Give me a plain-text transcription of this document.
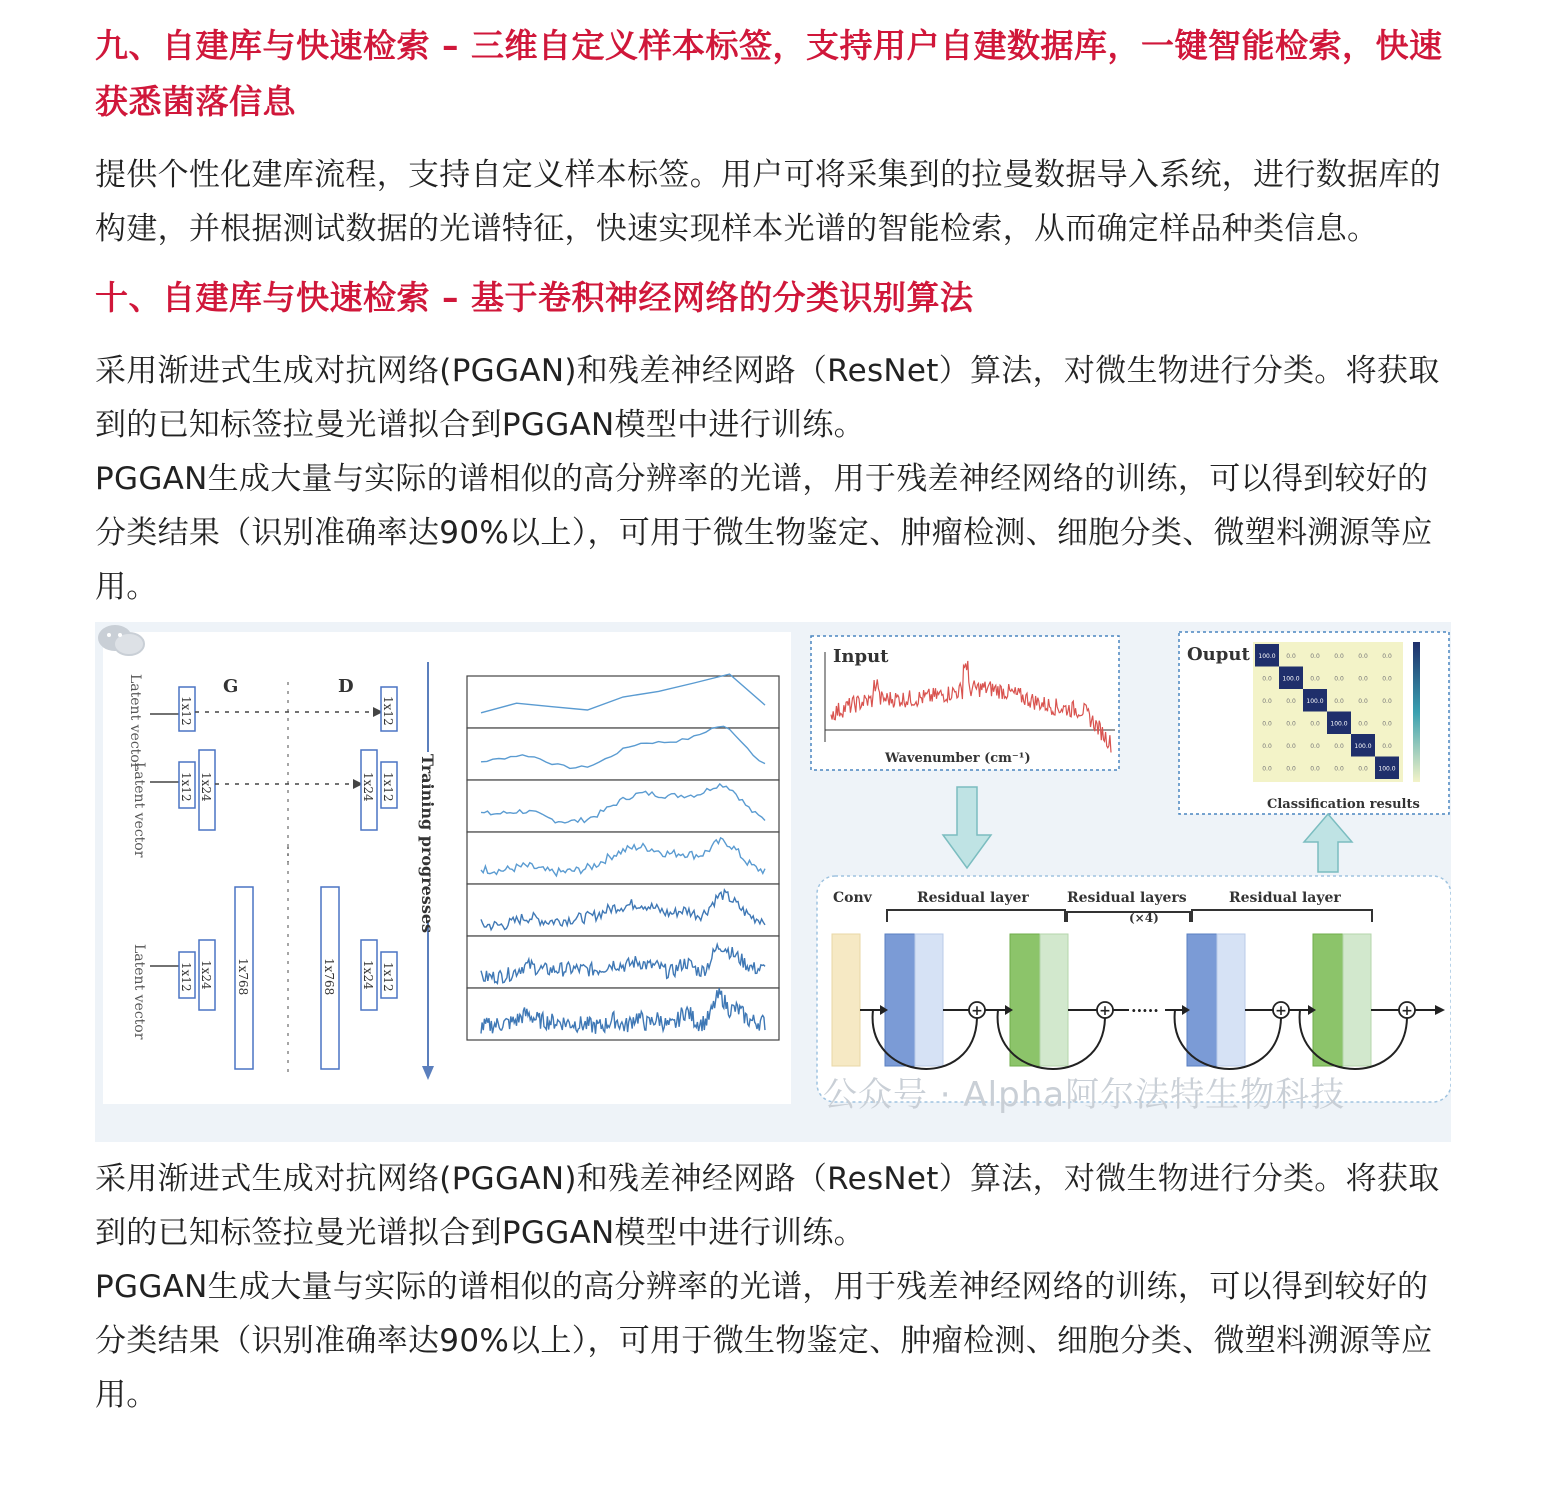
九、自建库与快速检索 – 三维自定义样本标签，支持用户自建数据库，一键智能检索，快速获悉菌落信息

提供个性化建库流程，支持自定义样本标签。用户可将采集到的拉曼数据导入系统，进行数据库的构建，并根据测试数据的光谱特征，快速实现样本光谱的智能检索，从而确定样品种类信息。

十、自建库与快速检索 – 基于卷积神经网络的分类识别算法

采用渐进式生成对抗网络(PGGAN)和残差神经网路（ResNet）算法，对微生物进行分类。将获取到的已知标签拉曼光谱拟合到PGGAN模型中进行训练。

PGGAN生成大量与实际的谱相似的高分辨率的光谱，用于残差神经网络的训练，可以得到较好的分类结果（识别准确率达90%以上），可用于微生物鉴定、肿瘤检测、细胞分类、微塑料溯源等应用。

G	D
Training progresses
Latent vector	1x12	1x12
Latent vector	1x12 1x24	1x24 1x12
Latent vector	1x12 1x24 1x768	1x768 1x24 1x12
Input
Wavenumber (cm⁻¹)
Ouput 100.0 0.0 0.0 0.0 0.0 0.0
0.0 100.0 0.0 0.0 0.0 0.0
0.0 0.0 100.0 0.0 0.0 0.0
0.0 0.0 0.0 100.0 0.0 0.0
0.0 0.0 0.0 0.0 100.0 0.0
0.0 0.0 0.0 0.0 0.0 100.0
Classification results
Conv	Residual layer	Residual layers
(×4)
Residual layer
·····
+	+	+	+
公众号 · Alpha阿尔法特生物科技

采用渐进式生成对抗网络(PGGAN)和残差神经网路（ResNet）算法，对微生物进行分类。将获取到的已知标签拉曼光谱拟合到PGGAN模型中进行训练。

PGGAN生成大量与实际的谱相似的高分辨率的光谱，用于残差神经网络的训练，可以得到较好的分类结果（识别准确率达90%以上），可用于微生物鉴定、肿瘤检测、细胞分类、微塑料溯源等应用。
